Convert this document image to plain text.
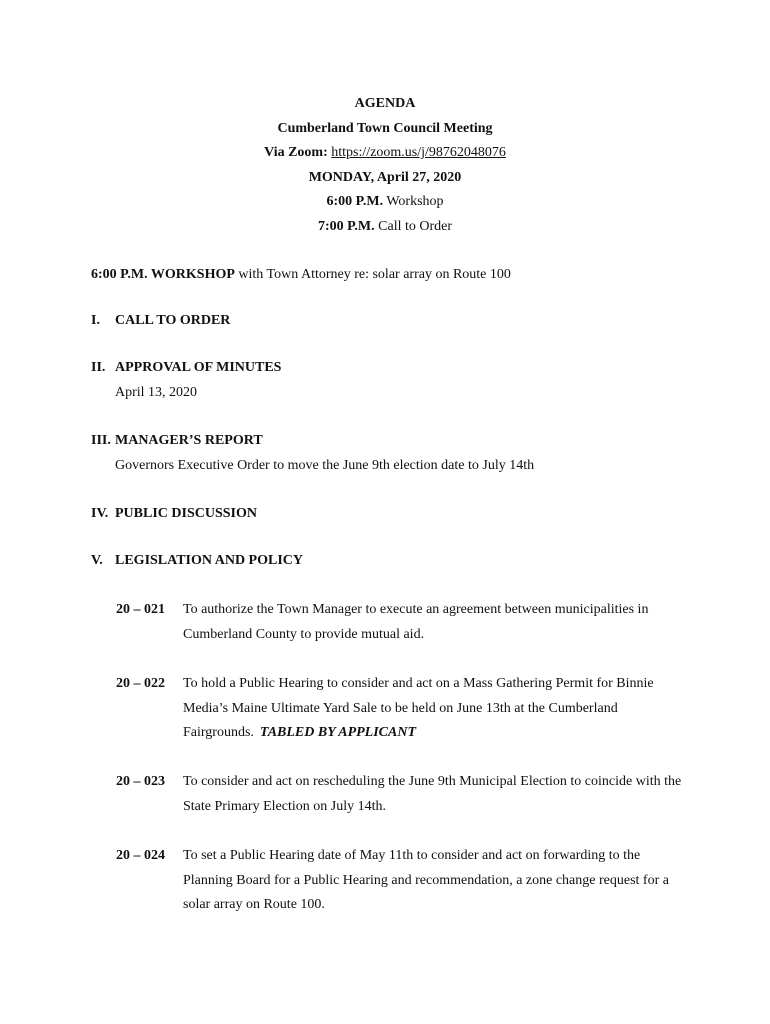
AGENDA
Cumberland Town Council Meeting
Via Zoom: https://zoom.us/j/98762048076
MONDAY, April 27, 2020
6:00 P.M. Workshop
7:00 P.M. Call to Order
6:00 P.M. WORKSHOP with Town Attorney re: solar array on Route 100
I. CALL TO ORDER
II. APPROVAL OF MINUTES
April 13, 2020
III. MANAGER’S REPORT
Governors Executive Order to move the June 9th election date to July 14th
IV. PUBLIC DISCUSSION
V. LEGISLATION AND POLICY
20 – 021 To authorize the Town Manager to execute an agreement between municipalities in Cumberland County to provide mutual aid.
20 – 022 To hold a Public Hearing to consider and act on a Mass Gathering Permit for Binnie Media’s Maine Ultimate Yard Sale to be held on June 13th at the Cumberland Fairgrounds. TABLED BY APPLICANT
20 – 023 To consider and act on rescheduling the June 9th Municipal Election to coincide with the State Primary Election on July 14th.
20 – 024 To set a Public Hearing date of May 11th to consider and act on forwarding to the Planning Board for a Public Hearing and recommendation, a zone change request for a solar array on Route 100.
